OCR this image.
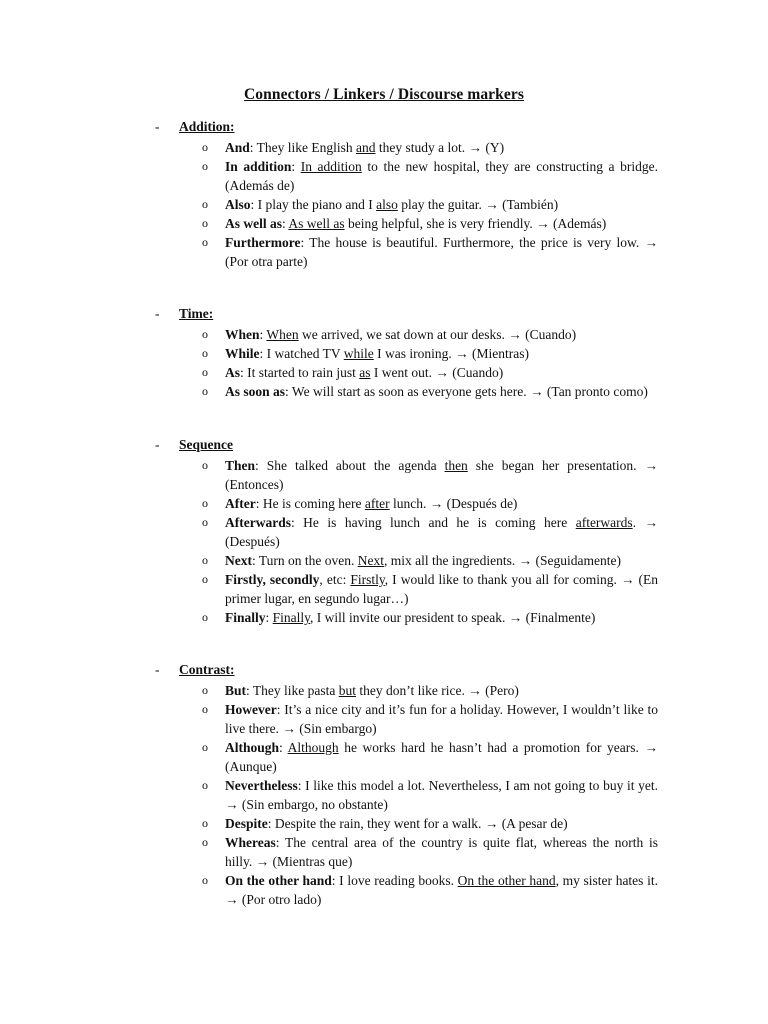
Connectors / Linkers / Discourse markers
- Addition:
o And: They like English and they study a lot. → (Y)
o In addition: In addition to the new hospital, they are constructing a bridge. (Además de)
o Also: I play the piano and I also play the guitar. → (También)
o As well as: As well as being helpful, she is very friendly. → (Además)
o Furthermore: The house is beautiful. Furthermore, the price is very low. → (Por otra parte)
- Time:
o When: When we arrived, we sat down at our desks. → (Cuando)
o While: I watched TV while I was ironing. → (Mientras)
o As: It started to rain just as I went out. → (Cuando)
o As soon as: We will start as soon as everyone gets here. → (Tan pronto como)
- Sequence
o Then: She talked about the agenda then she began her presentation. → (Entonces)
o After: He is coming here after lunch. → (Después de)
o Afterwards: He is having lunch and he is coming here afterwards. → (Después)
o Next: Turn on the oven. Next, mix all the ingredients. → (Seguidamente)
o Firstly, secondly, etc: Firstly, I would like to thank you all for coming. → (En primer lugar, en segundo lugar…)
o Finally: Finally, I will invite our president to speak. → (Finalmente)
- Contrast:
o But: They like pasta but they don’t like rice. → (Pero)
o However: It’s a nice city and it’s fun for a holiday. However, I wouldn’t like to live there. → (Sin embargo)
o Although: Although he works hard he hasn’t had a promotion for years. → (Aunque)
o Nevertheless: I like this model a lot. Nevertheless, I am not going to buy it yet. → (Sin embargo, no obstante)
o Despite: Despite the rain, they went for a walk. → (A pesar de)
o Whereas: The central area of the country is quite flat, whereas the north is hilly. → (Mientras que)
o On the other hand: I love reading books. On the other hand, my sister hates it. → (Por otro lado)
